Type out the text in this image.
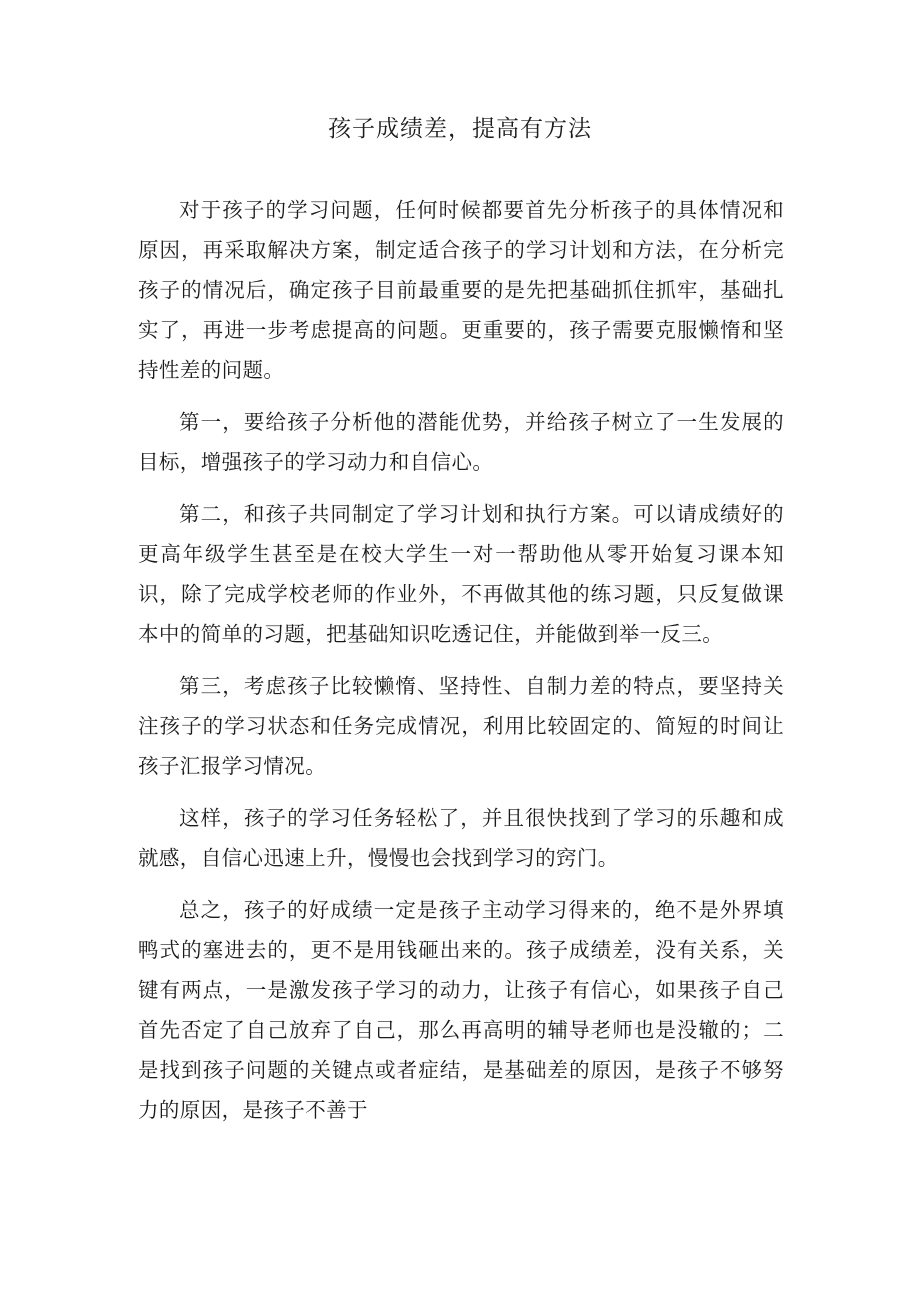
孩子成绩差，提高有方法

对于孩子的学习问题，任何时候都要首先分析孩子的具体情况和原因，再采取解决方案，制定适合孩子的学习计划和方法，在分析完孩子的情况后，确定孩子目前最重要的是先把基础抓住抓牢，基础扎实了，再进一步考虑提高的问题。更重要的，孩子需要克服懒惰和坚持性差的问题。

第一，要给孩子分析他的潜能优势，并给孩子树立了一生发展的目标，增强孩子的学习动力和自信心。

第二，和孩子共同制定了学习计划和执行方案。可以请成绩好的更高年级学生甚至是在校大学生一对一帮助他从零开始复习课本知识，除了完成学校老师的作业外，不再做其他的练习题，只反复做课本中的简单的习题，把基础知识吃透记住，并能做到举一反三。

第三，考虑孩子比较懒惰、坚持性、自制力差的特点，要坚持关注孩子的学习状态和任务完成情况，利用比较固定的、简短的时间让孩子汇报学习情况。

这样，孩子的学习任务轻松了，并且很快找到了学习的乐趣和成就感，自信心迅速上升，慢慢也会找到学习的窍门。

总之，孩子的好成绩一定是孩子主动学习得来的，绝不是外界填鸭式的塞进去的，更不是用钱砸出来的。孩子成绩差，没有关系，关键有两点，一是激发孩子学习的动力，让孩子有信心，如果孩子自己首先否定了自己放弃了自己，那么再高明的辅导老师也是没辙的；二是找到孩子问题的关键点或者症结，是基础差的原因，是孩子不够努力的原因，是孩子不善于
